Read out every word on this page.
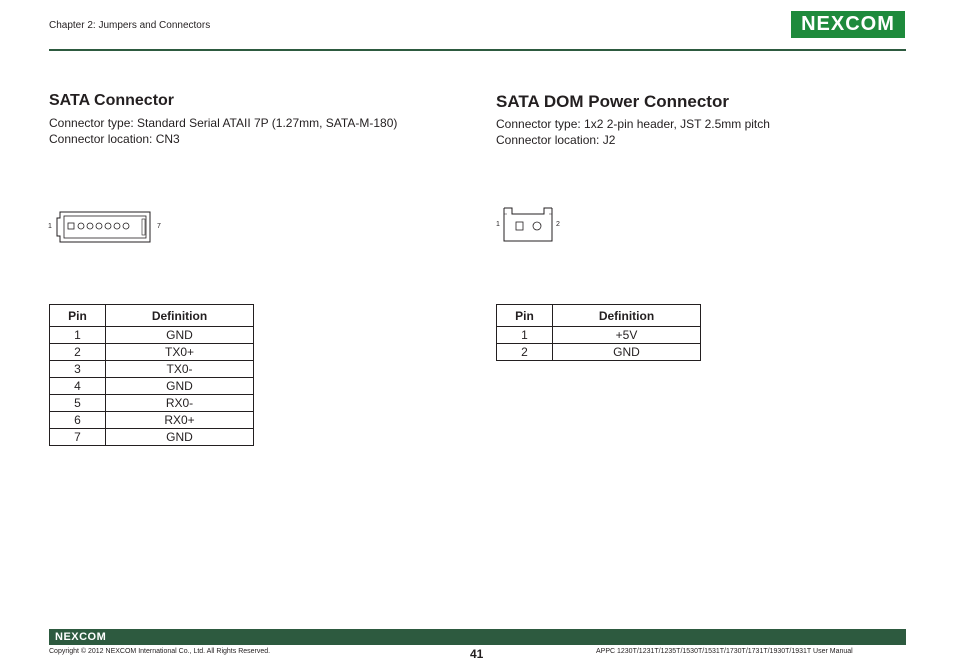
Chapter 2: Jumpers and Connectors	NEXCOM
SATA Connector
Connector type: Standard Serial ATAII 7P (1.27mm, SATA-M-180)
Connector location: CN3
1	7
Pin	Definition
1	GND
2	TX0+
3	TX0-
4	GND
5	RX0-
6	RX0+
7	GND
SATA DOM Power Connector
Connector type: 1x2 2-pin header, JST 2.5mm pitch
Connector location: J2
1	2
Pin	Definition
1	+5V
2	GND
NEXCOM
Copyright © 2012 NEXCOM International Co., Ltd. All Rights Reserved.	41	APPC 1230T/1231T/1235T/1530T/1531T/1730T/1731T/1930T/1931T User Manual
